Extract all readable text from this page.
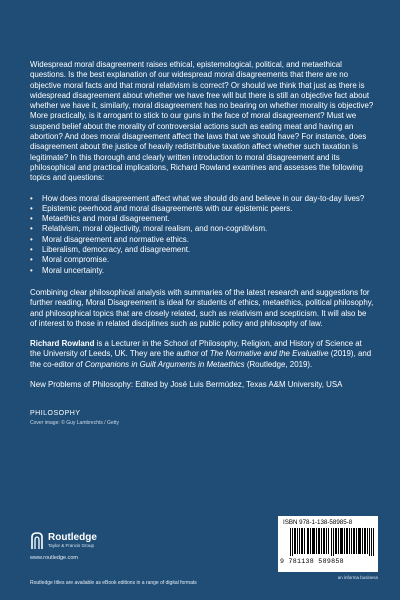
Widespread moral disagreement raises ethical, epistemological, political, and metaethical questions. Is the best explanation of our widespread moral disagreements that there are no objective moral facts and that moral relativism is correct? Or should we think that just as there is widespread disagreement about whether we have free will but there is still an objective fact about whether we have it, similarly, moral disagreement has no bearing on whether morality is objective? More practically, is it arrogant to stick to our guns in the face of moral disagreement? Must we suspend belief about the morality of controversial actions such as eating meat and having an abortion? And does moral disagreement affect the laws that we should have? For instance, does disagreement about the justice of heavily redistributive taxation affect whether such taxation is legitimate? In this thorough and clearly written introduction to moral disagreement and its philosophical and practical implications, Richard Rowland examines and assesses the following topics and questions:

• How does moral disagreement affect what we should do and believe in our day-to-day lives?
• Epistemic peerhood and moral disagreements with our epistemic peers.
• Metaethics and moral disagreement.
• Relativism, moral objectivity, moral realism, and non-cognitivism.
• Moral disagreement and normative ethics.
• Liberalism, democracy, and disagreement.
• Moral compromise.
• Moral uncertainty.

Combining clear philosophical analysis with summaries of the latest research and suggestions for further reading, Moral Disagreement is ideal for students of ethics, metaethics, political philosophy, and philosophical topics that are closely related, such as relativism and scepticism. It will also be of interest to those in related disciplines such as public policy and philosophy of law.

Richard Rowland is a Lecturer in the School of Philosophy, Religion, and History of Science at the University of Leeds, UK. They are the author of The Normative and the Evaluative (2019), and the co-editor of Companions in Guilt Arguments in Metaethics (Routledge, 2019).

New Problems of Philosophy: Edited by José Luis Bermúdez, Texas A&M University, USA

PHILOSOPHY
Cover image: © Guy Lambrechts / Getty
Routledge
Taylor & Francis Group
www.routledge.com
Routledge titles are available as eBook editions in a range of digital formats
ISBN 978-1-138-58985-8
9 781138 589858
an informa business
